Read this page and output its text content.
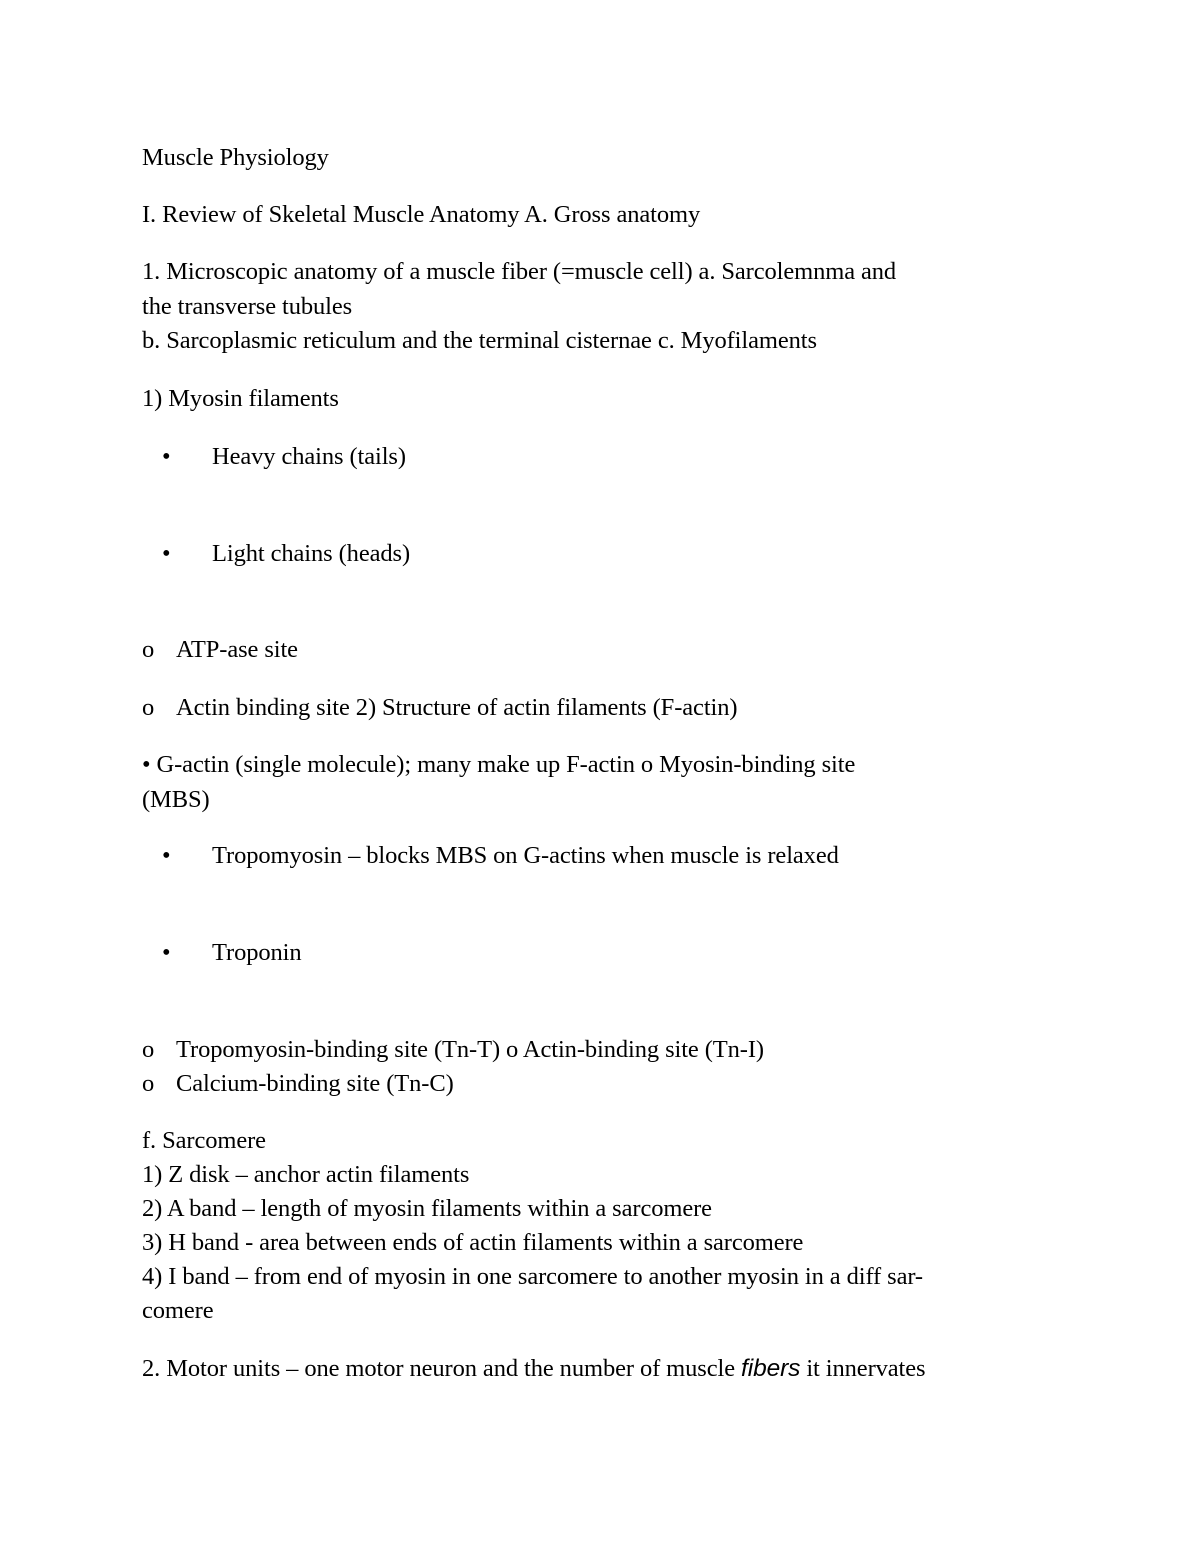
Muscle Physiology
I. Review of Skeletal Muscle Anatomy A. Gross anatomy
1. Microscopic anatomy of a muscle fiber (=muscle cell) a. Sarcolemnma and
the transverse tubules
b. Sarcoplasmic reticulum and the terminal cisternae c. Myofilaments
1) Myosin filaments
• Heavy chains (tails)
• Light chains (heads)
o ATP-ase site
o Actin binding site 2) Structure of actin filaments (F-actin)
• G-actin (single molecule); many make up F-actin o Myosin-binding site
(MBS)
• Tropomyosin – blocks MBS on G-actins when muscle is relaxed
• Troponin
o Tropomyosin-binding site (Tn-T) o Actin-binding site (Tn-I)
o Calcium-binding site (Tn-C)
f. Sarcomere
1) Z disk – anchor actin filaments
2) A band – length of myosin filaments within a sarcomere
3) H band - area between ends of actin filaments within a sarcomere
4) I band – from end of myosin in one sarcomere to another myosin in a diff sar-
comere
2. Motor units – one motor neuron and the number of muscle fibers it innervates
